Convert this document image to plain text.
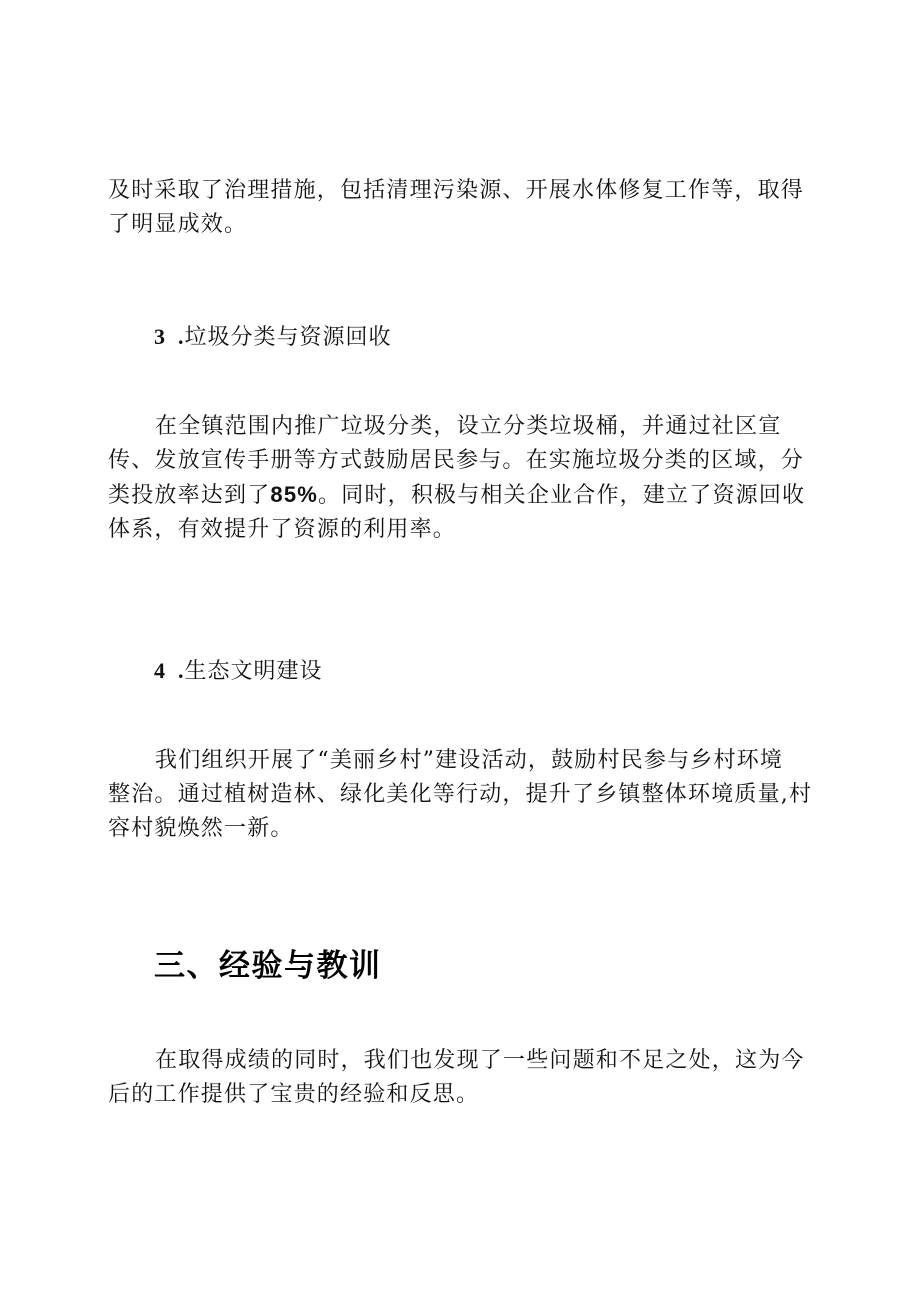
及时采取了治理措施，包括清理污染源、开展水体修复工作等，取得
了明显成效。

3 .垃圾分类与资源回收

在全镇范围内推广垃圾分类，设立分类垃圾桶，并通过社区宣
传、发放宣传手册等方式鼓励居民参与。在实施垃圾分类的区域，分
类投放率达到了85%。同时，积极与相关企业合作，建立了资源回收
体系，有效提升了资源的利用率。

4 .生态文明建设

我们组织开展了“美丽乡村”建设活动，鼓励村民参与乡村环境
整治。通过植树造林、绿化美化等行动，提升了乡镇整体环境质量,村
容村貌焕然一新。

三、经验与教训

在取得成绩的同时，我们也发现了一些问题和不足之处，这为今
后的工作提供了宝贵的经验和反思。
